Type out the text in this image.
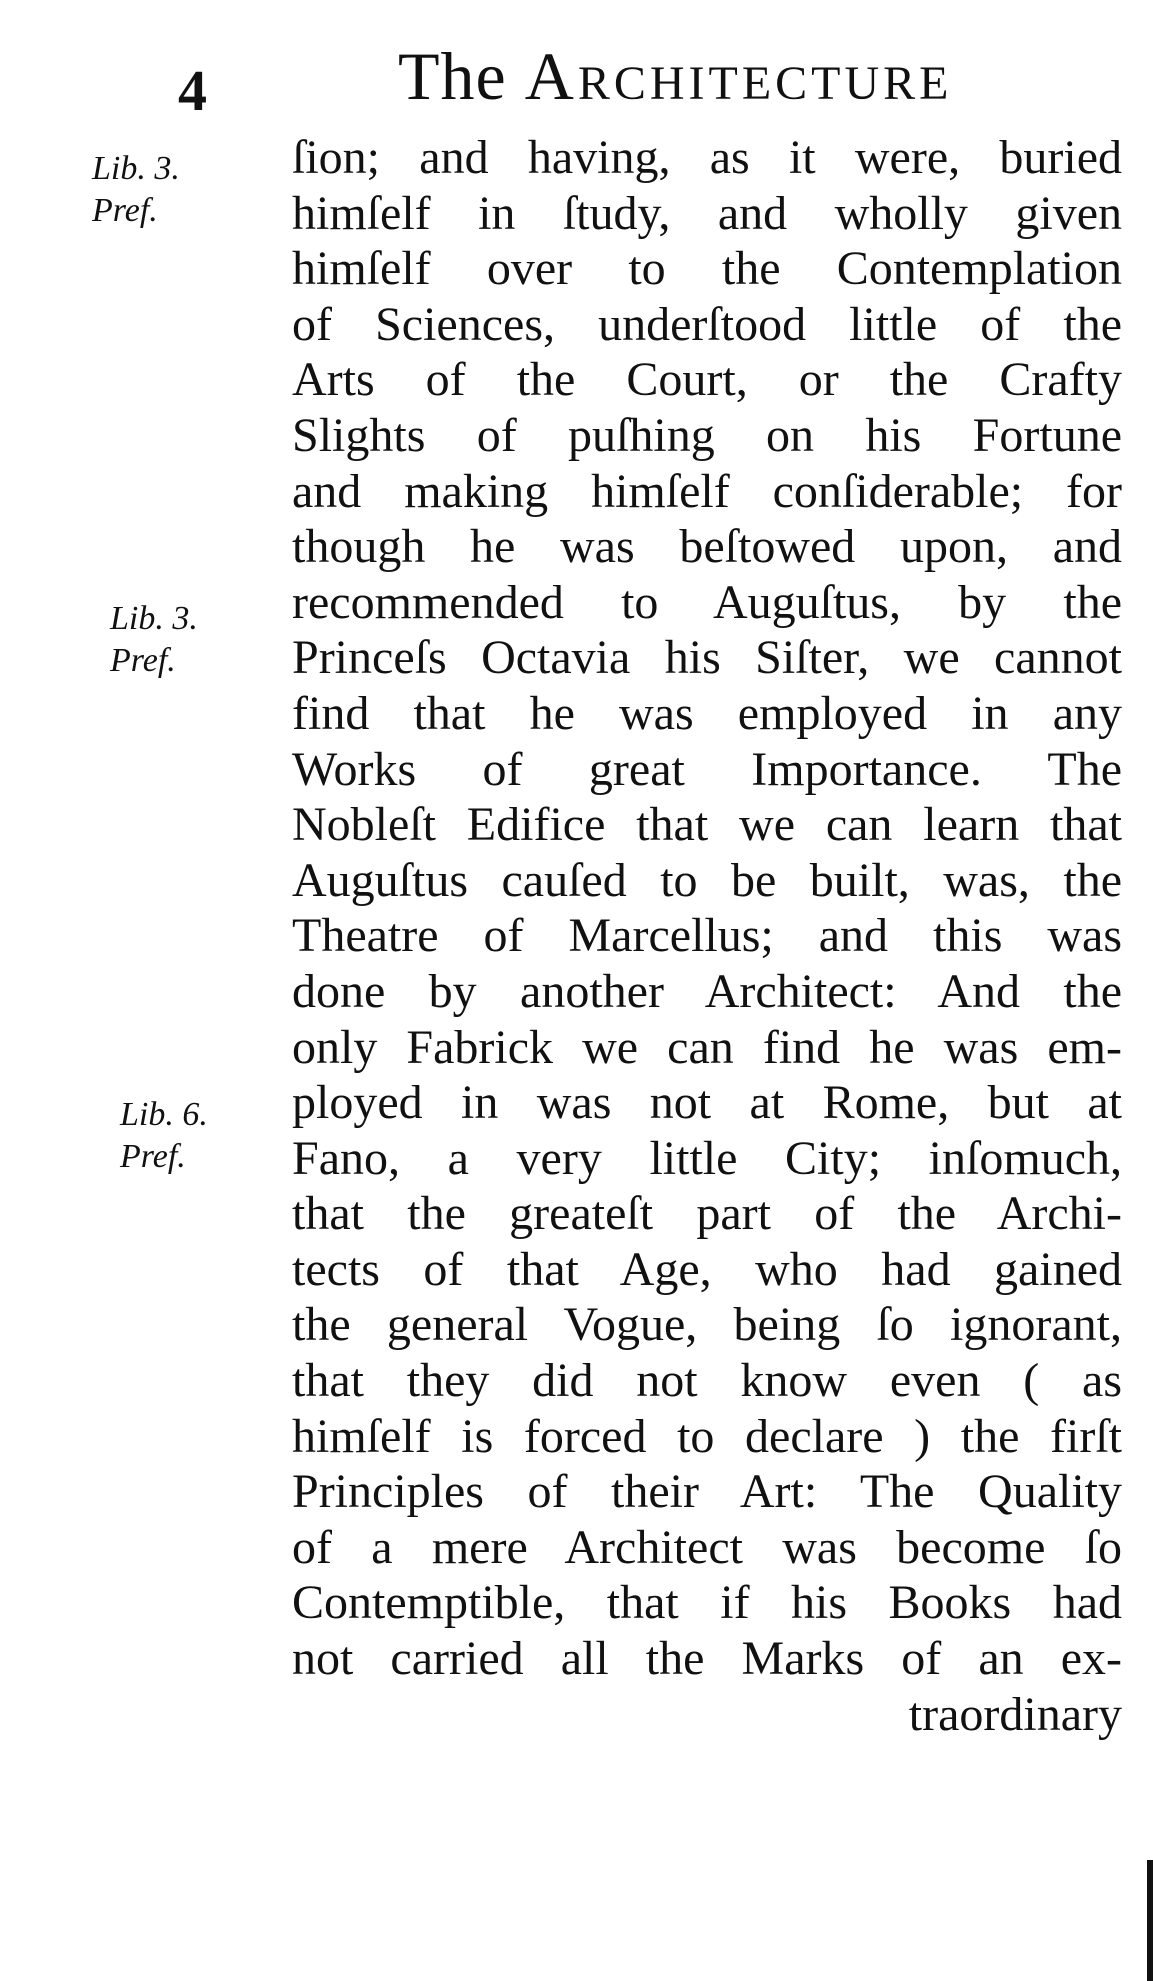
4	The Architecture
Lib. 3.
Pref.
Lib. 3.
Pref.
Lib. 6.
Pref.
ſion; and having, as it were, buried
himſelf in ſtudy, and wholly given
himſelf over to the Contemplation
of Sciences, underſtood little of the
Arts of the Court, or the Crafty
Slights of puſhing on his Fortune
and making himſelf conſiderable; for
though he was beſtowed upon, and
recommended to Auguſtus, by the
Princeſs Octavia his Siſter, we cannot
find that he was employed in any
Works of great Importance. The
Nobleſt Edifice that we can learn that
Auguſtus cauſed to be built, was, the
Theatre of Marcellus; and this was
done by another Architect: And the
only Fabrick we can find he was em-
ployed in was not at Rome, but at
Fano, a very little City; inſomuch,
that the greateſt part of the Archi-
tects of that Age, who had gained
the general Vogue, being ſo ignorant,
that they did not know even ( as
himſelf is forced to declare ) the firſt
Principles of their Art: The Quality
of a mere Architect was become ſo
Contemptible, that if his Books had
not carried all the Marks of an ex-
traordinary
